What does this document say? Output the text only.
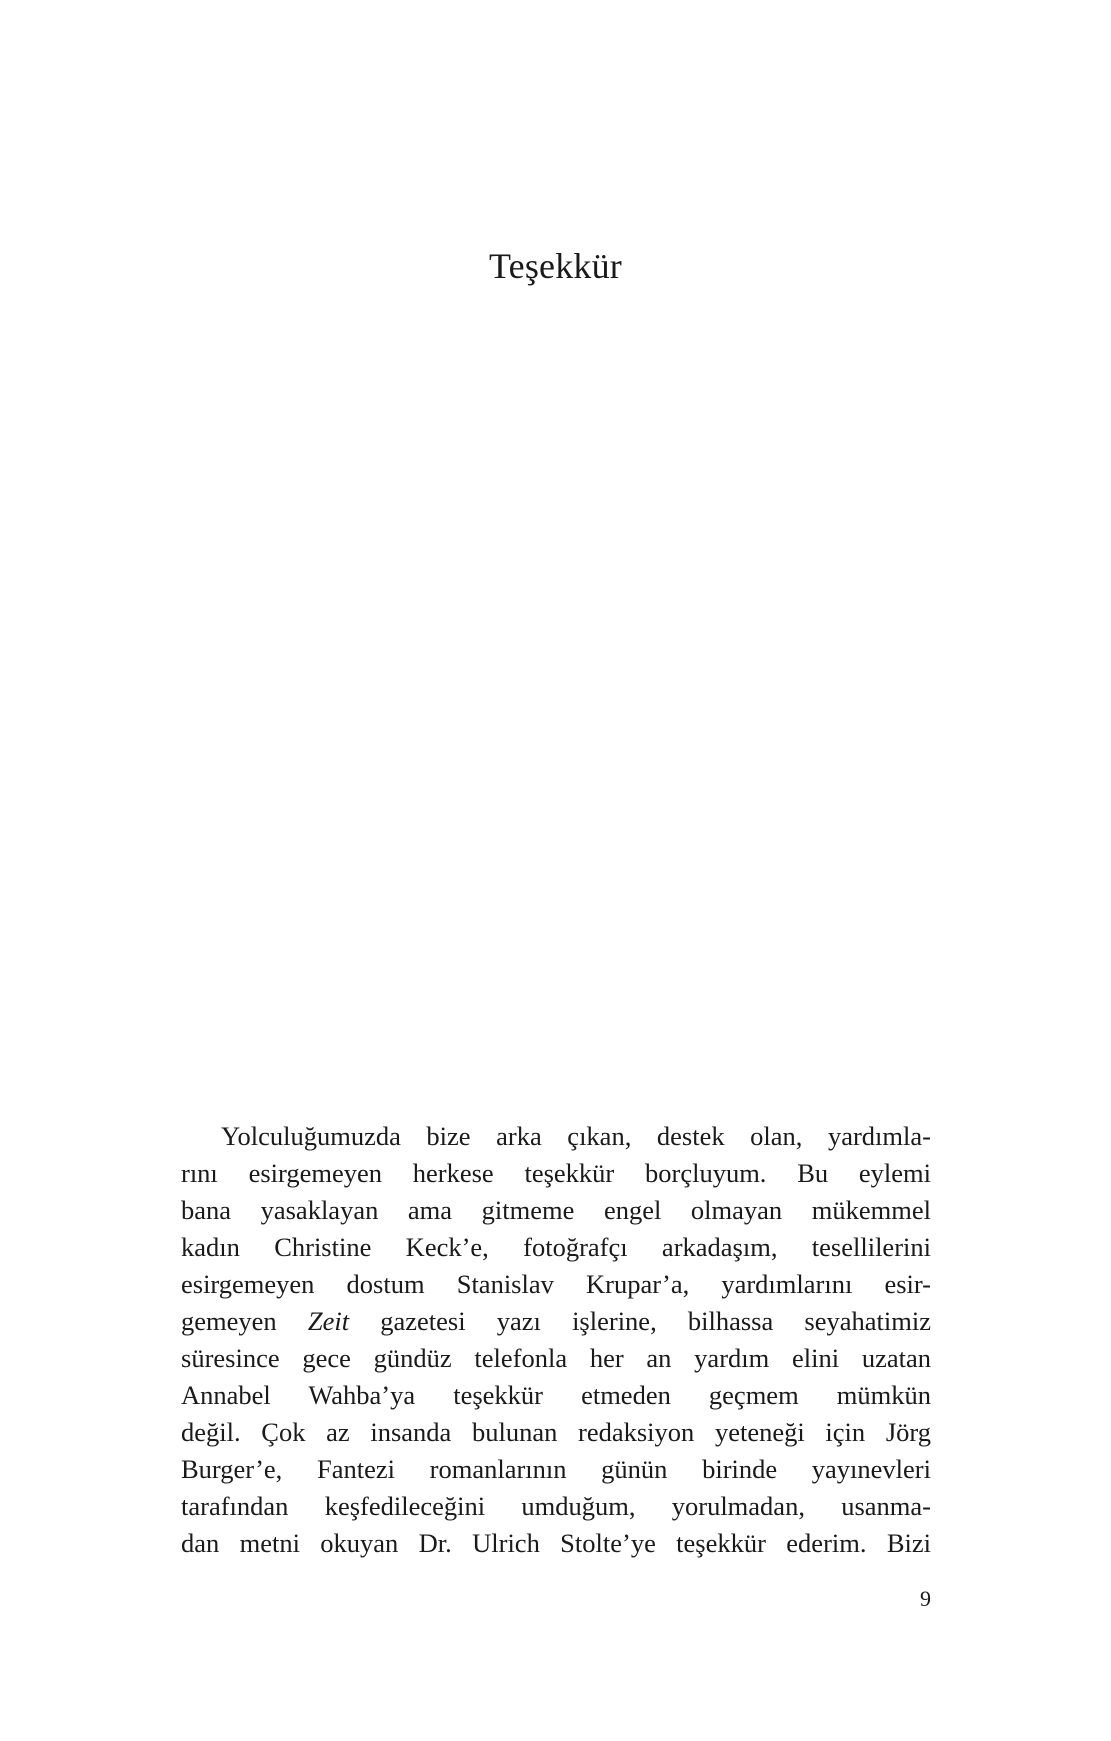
Teşekkür
Yolculuğumuzda bize arka çıkan, destek olan, yardımla-
rını esirgemeyen herkese teşekkür borçluyum. Bu eylemi
bana yasaklayan ama gitmeme engel olmayan mükemmel
kadın Christine Keck’e, fotoğrafçı arkadaşım, tesellilerini
esirgemeyen dostum Stanislav Krupar’a, yardımlarını esir-
gemeyen Zeit gazetesi yazı işlerine, bilhassa seyahatimiz
süresince gece gündüz telefonla her an yardım elini uzatan
Annabel Wahba’ya teşekkür etmeden geçmem mümkün
değil. Çok az insanda bulunan redaksiyon yeteneği için Jörg
Burger’e, Fantezi romanlarının günün birinde yayınevleri
tarafından keşfedileceğini umduğum, yorulmadan, usanma-
dan metni okuyan Dr. Ulrich Stolte’ye teşekkür ederim. Bizi
9
